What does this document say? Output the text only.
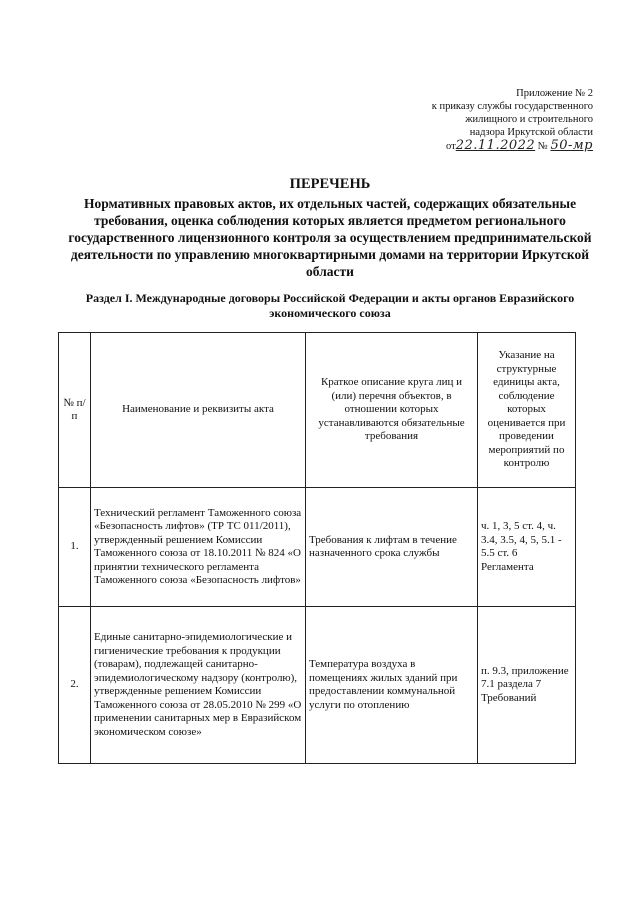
Приложение № 2
к приказу службы государственного
жилищного и строительного
надзора Иркутской области
от22.11.2022 № 50-мр
ПЕРЕЧЕНЬ
Нормативных правовых актов, их отдельных частей, содержащих обязательные требования, оценка соблюдения которых является предметом регионального государственного лицензионного контроля за осуществлением предпринимательской деятельности по управлению многоквартирными домами на территории Иркутской области
Раздел I. Международные договоры Российской Федерации и акты органов Евразийского экономического союза
№ п/п	Наименование и реквизиты акта	Краткое описание круга лиц и (или) перечня объектов, в отношении которых устанавливаются обязательные требования	Указание на структурные единицы акта, соблюдение которых оценивается при проведении мероприятий по контролю
1.	Технический регламент Таможенного союза «Безопасность лифтов» (ТР ТС 011/2011), утвержденный решением Комиссии Таможенного союза от 18.10.2011 № 824 «О принятии технического регламента Таможенного союза «Безопасность лифтов»	Требования к лифтам в течение назначенного срока службы	ч. 1, 3, 5 ст. 4, ч. 3.4, 3.5, 4, 5, 5.1 - 5.5 ст. 6 Регламента
2.	Единые санитарно-эпидемиологические и гигиенические требования к продукции (товарам), подлежащей санитарно-эпидемиологическому надзору (контролю), утвержденные решением Комиссии Таможенного союза от 28.05.2010 № 299 «О применении санитарных мер в Евразийском экономическом союзе»	Температура воздуха в помещениях жилых зданий при предоставлении коммунальной услуги по отоплению	п. 9.3, приложение 7.1 раздела 7 Требований
